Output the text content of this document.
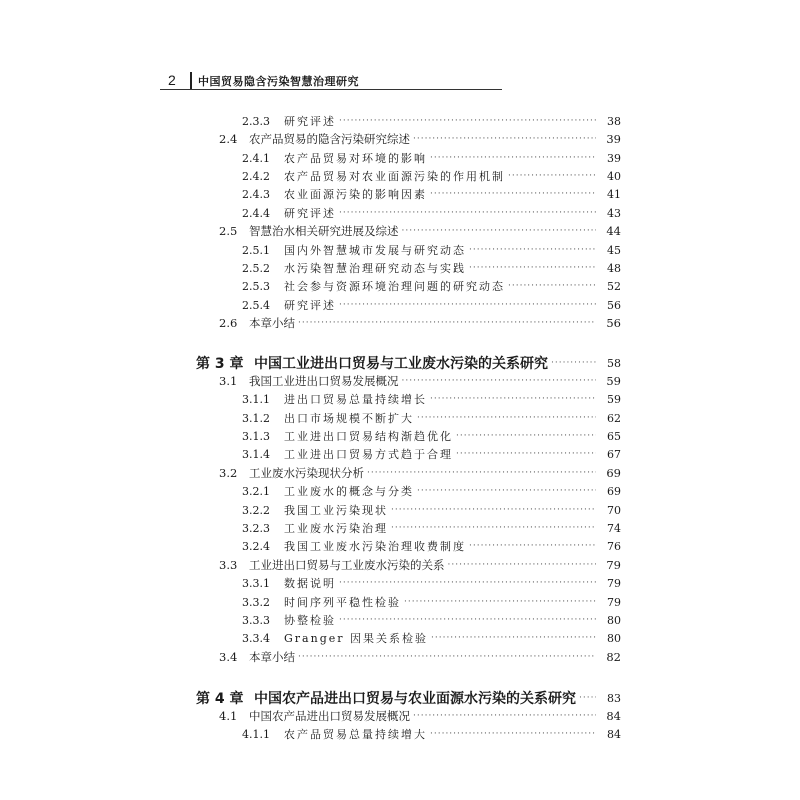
2 中国贸易隐含污染智慧治理研究
2.3.3	研究评述 ·····	38
2.4	农产品贸易的隐含污染研究综述 ·····	39
2.4.1	农产品贸易对环境的影响 ·····	39
2.4.2	农产品贸易对农业面源污染的作用机制 ·····	40
2.4.3	农业面源污染的影响因素 ·····	41
2.4.4	研究评述 ·····	43
2.5	智慧治水相关研究进展及综述 ·····	44
2.5.1	国内外智慧城市发展与研究动态 ·····	45
2.5.2	水污染智慧治理研究动态与实践 ·····	48
2.5.3	社会参与资源环境治理问题的研究动态 ·····	52
2.5.4	研究评述 ·····	56
2.6	本章小结 ·····	56
第 3 章 中国工业进出口贸易与工业废水污染的关系研究 ·····	58
3.1	我国工业进出口贸易发展概况 ·····	59
3.1.1	进出口贸易总量持续增长 ·····	59
3.1.2	出口市场规模不断扩大 ·····	62
3.1.3	工业进出口贸易结构渐趋优化 ·····	65
3.1.4	工业进出口贸易方式趋于合理 ·····	67
3.2	工业废水污染现状分析 ·····	69
3.2.1	工业废水的概念与分类 ·····	69
3.2.2	我国工业污染现状 ·····	70
3.2.3	工业废水污染治理 ·····	74
3.2.4	我国工业废水污染治理收费制度 ·····	76
3.3	工业进出口贸易与工业废水污染的关系 ·····	79
3.3.1	数据说明 ·····	79
3.3.2	时间序列平稳性检验 ·····	79
3.3.3	协整检验 ·····	80
3.3.4	Granger 因果关系检验 ·····	80
3.4	本章小结 ·····	82
第 4 章 中国农产品进出口贸易与农业面源水污染的关系研究 ·····	83
4.1	中国农产品进出口贸易发展概况 ·····	84
4.1.1	农产品贸易总量持续增大 ·····	84
